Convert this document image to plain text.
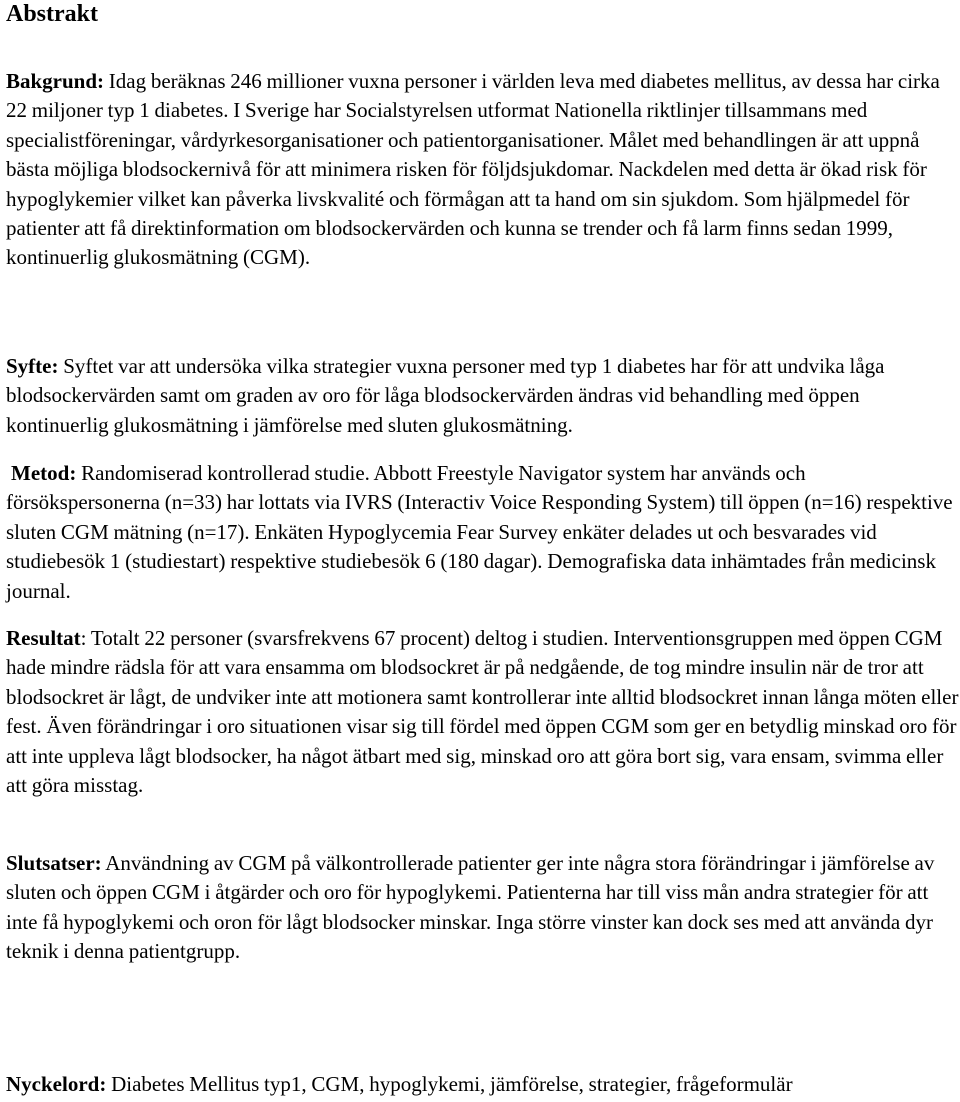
Abstrakt

Bakgrund: Idag beräknas 246 millioner vuxna personer i världen leva med diabetes mellitus, av dessa har cirka 22 miljoner typ 1 diabetes. I Sverige har Socialstyrelsen utformat Nationella riktlinjer tillsammans med specialistföreningar, vårdyrkesorganisationer och patientorganisationer. Målet med behandlingen är att uppnå bästa möjliga blodsockernivå för att minimera risken för följdsjukdomar. Nackdelen med detta är ökad risk för hypoglykemier vilket kan påverka livskvalité och förmågan att ta hand om sin sjukdom. Som hjälpmedel för patienter att få direktinformation om blodsockervärden och kunna se trender och få larm finns sedan 1999, kontinuerlig glukosmätning (CGM).

Syfte: Syftet var att undersöka vilka strategier vuxna personer med typ 1 diabetes har för att undvika låga blodsockervärden samt om graden av oro för låga blodsockervärden ändras vid behandling med öppen kontinuerlig glukosmätning i jämförelse med sluten glukosmätning.

Metod: Randomiserad kontrollerad studie. Abbott Freestyle Navigator system har används och försökspersonerna (n=33) har lottats via IVRS (Interactiv Voice Responding System) till öppen (n=16) respektive sluten CGM mätning (n=17). Enkäten Hypoglycemia Fear Survey enkäter delades ut och besvarades vid studiebesök 1 (studiestart) respektive studiebesök 6 (180 dagar). Demografiska data inhämtades från medicinsk journal.

Resultat: Totalt 22 personer (svarsfrekvens 67 procent) deltog i studien. Interventionsgruppen med öppen CGM hade mindre rädsla för att vara ensamma om blodsockret är på nedgående, de tog mindre insulin när de tror att blodsockret är lågt, de undviker inte att motionera samt kontrollerar inte alltid blodsockret innan långa möten eller fest. Även förändringar i oro situationen visar sig till fördel med öppen CGM som ger en betydlig minskad oro för att inte uppleva lågt blodsocker, ha något ätbart med sig, minskad oro att göra bort sig, vara ensam, svimma eller att göra misstag.

Slutsatser: Användning av CGM på välkontrollerade patienter ger inte några stora förändringar i jämförelse av sluten och öppen CGM i åtgärder och oro för hypoglykemi. Patienterna har till viss mån andra strategier för att inte få hypoglykemi och oron för lågt blodsocker minskar. Inga större vinster kan dock ses med att använda dyr teknik i denna patientgrupp.

Nyckelord: Diabetes Mellitus typ1, CGM, hypoglykemi, jämförelse, strategier, frågeformulär
